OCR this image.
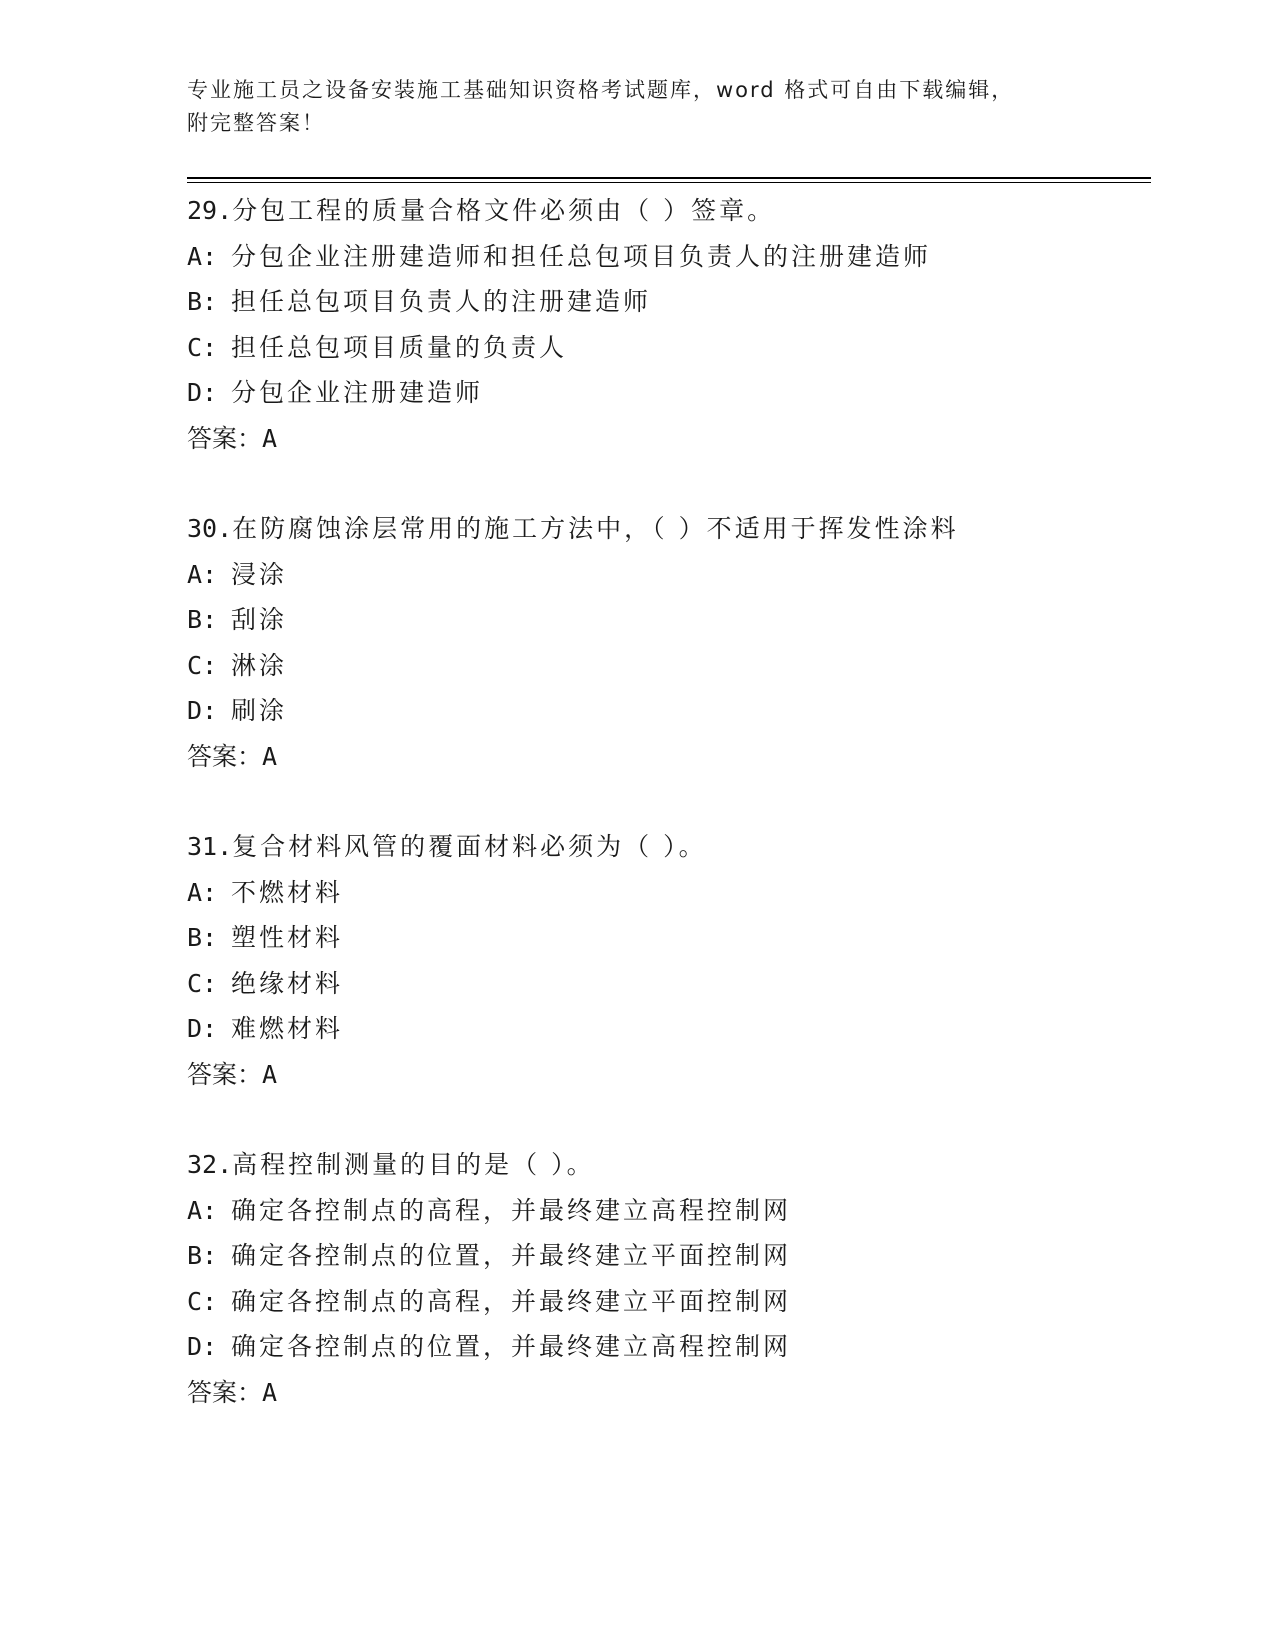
专业施工员之设备安装施工基础知识资格考试题库，word 格式可自由下载编辑，
附完整答案！
29.分包工程的质量合格文件必须由（ ）签章。
A: 分包企业注册建造师和担任总包项目负责人的注册建造师
B: 担任总包项目负责人的注册建造师
C: 担任总包项目质量的负责人
D: 分包企业注册建造师
答案：A
30.在防腐蚀涂层常用的施工方法中，（ ）不适用于挥发性涂料
A: 浸涂
B: 刮涂
C: 淋涂
D: 刷涂
答案：A
31.复合材料风管的覆面材料必须为（ ）。
A: 不燃材料
B: 塑性材料
C: 绝缘材料
D: 难燃材料
答案：A
32.高程控制测量的目的是（ ）。
A: 确定各控制点的高程，并最终建立高程控制网
B: 确定各控制点的位置，并最终建立平面控制网
C: 确定各控制点的高程，并最终建立平面控制网
D: 确定各控制点的位置，并最终建立高程控制网
答案：A
